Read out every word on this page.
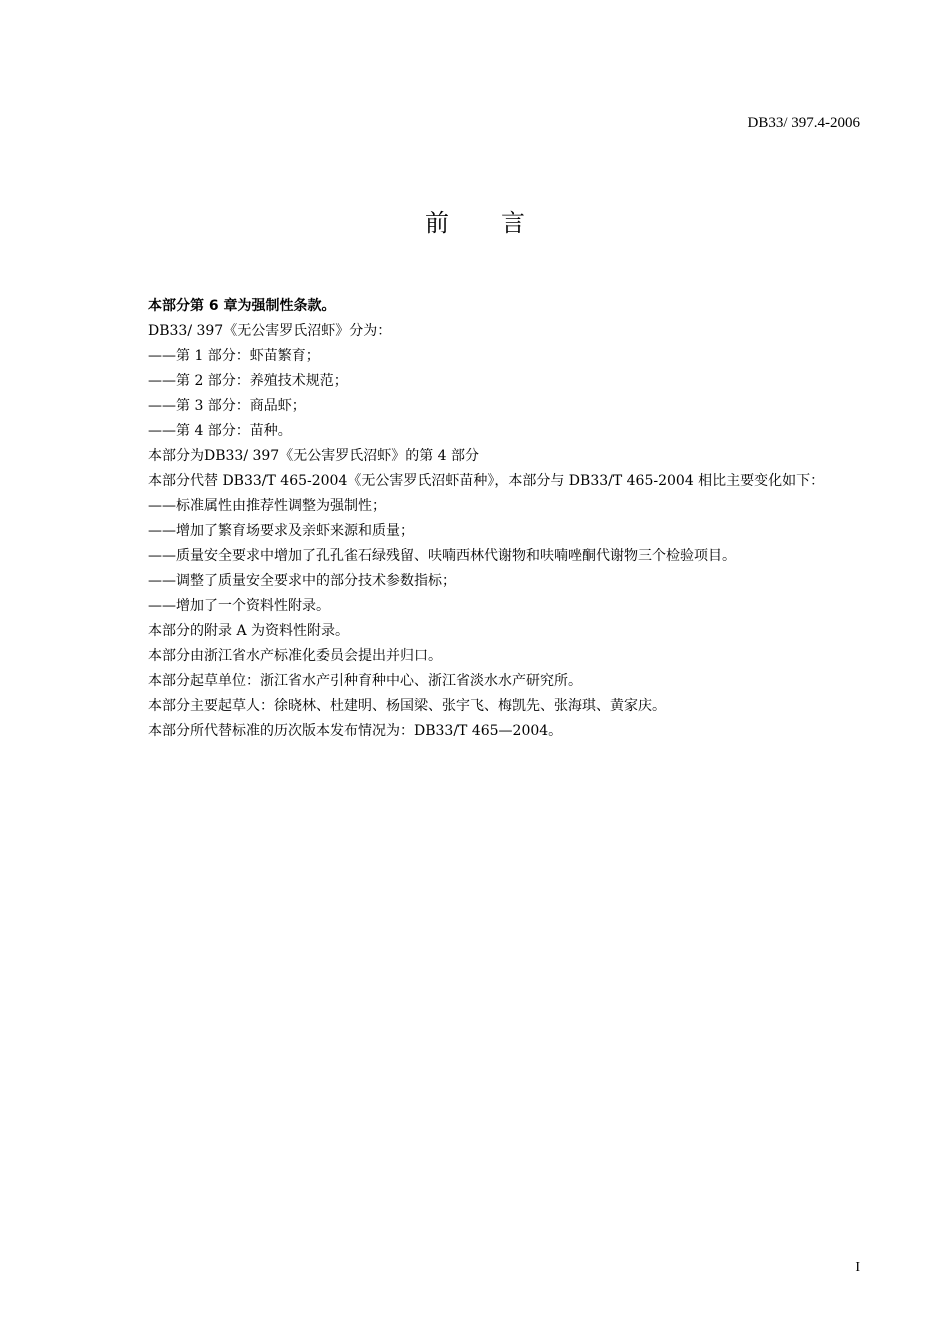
DB33/ 397.4-2006
前言

本部分第 6 章为强制性条款。

DB33/ 397《无公害罗氏沼虾》分为：

——第 1 部分：虾苗繁育；

——第 2 部分：养殖技术规范；

——第 3 部分：商品虾；

——第 4 部分：苗种。

本部分为DB33/ 397《无公害罗氏沼虾》的第 4 部分

本部分代替 DB33/T 465-2004《无公害罗氏沼虾苗种》，本部分与 DB33/T 465-2004 相比主要变化如下：

——标准属性由推荐性调整为强制性；

——增加了繁育场要求及亲虾来源和质量；

——质量安全要求中增加了孔孔雀石绿残留、呋喃西林代谢物和呋喃唑酮代谢物三个检验项目。

——调整了质量安全要求中的部分技术参数指标；

——增加了一个资料性附录。

本部分的附录 A 为资料性附录。

本部分由浙江省水产标准化委员会提出并归口。

本部分起草单位：浙江省水产引种育种中心、浙江省淡水水产研究所。

本部分主要起草人：徐晓林、杜建明、杨国梁、张宇飞、梅凯先、张海琪、黄家庆。

本部分所代替标准的历次版本发布情况为：DB33/T 465—2004。

I
